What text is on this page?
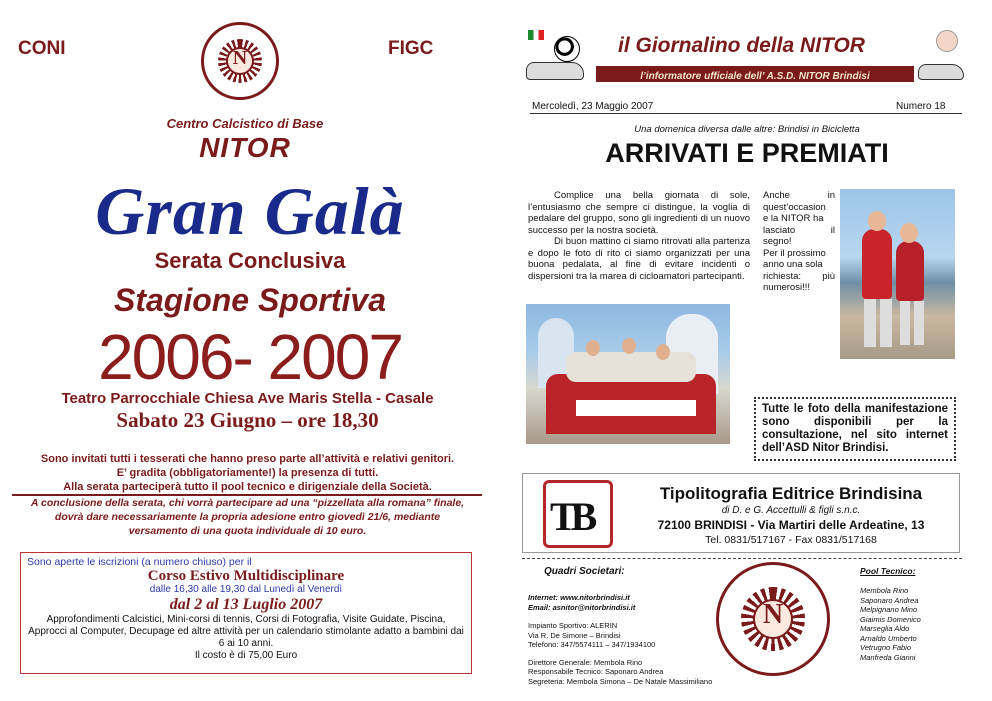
CONI	FIGC
N
Centro Calcistico di Base
NITOR
Gran Galà
Serata Conclusiva
Stagione Sportiva
2006- 2007
Teatro Parrocchiale Chiesa Ave Maris Stella - Casale
Sabato 23 Giugno – ore 18,30
Sono invitati tutti i tesserati che hanno preso parte all’attività e relativi genitori.
E’ gradita (obbligatoriamente!) la presenza di tutti.
Alla serata parteciperà tutto il pool tecnico e dirigenziale della Società.
A conclusione della serata, chi vorrà partecipare ad una “pizzellata alla romana” finale,
dovrà dare necessariamente la propria adesione entro giovedì 21/6, mediante
versamento di una quota individuale di 10 euro.
Sono aperte le iscrizioni (a numero chiuso) per il
Corso Estivo Multidisciplinare
dalle 16,30 alle 19,30 dal Lunedì al Venerdì
dal 2 al 13 Luglio 2007
Approfondimenti Calcistici, Mini-corsi di tennis, Corsi di Fotografia, Visite Guidate, Piscina, Approcci al Computer, Decupage ed altre attività per un calendario stimolante adatto a bambini dai 6 ai 10 anni.
Il costo è di 75,00 Euro
il Giornalino della NITOR
l’informatore ufficiale dell’ A.S.D. NITOR Brindisi
Mercoledì, 23 Maggio 2007	Numero 18
Una domenica diversa dalle altre: Brindisi in Bicicletta
ARRIVATI E PREMIATI

Complice una bella giornata di sole, l’entusiasmo che sempre ci distingue, la voglia di pedalare del gruppo, sono gli ingredienti di un nuovo successo per la nostra società.

Di buon mattino ci siamo ritrovati alla partenza e dopo le foto di rito ci siamo organizzati per una buona pedalata, al fine di evitare incidenti o dispersioni tra la marea di cicloamatori partecipanti.

Anche in
quest’occasion
e la NITOR ha
lasciato il
segno!
Per il prossimo
anno una sola
richiesta: più
numerosi!!!
Tutte le foto della manifestazione sono disponibili per la consultazione, nel sito internet dell’ASD Nitor Brindisi.
TB
Tipolitografia Editrice Brindisina
di D. e G. Accettulli & figli s.n.c.
72100 BRINDISI - Via Martiri delle Ardeatine, 13
Tel. 0831/517167 - Fax 0831/517168
Quadri Societari:
Internet: www.nitorbrindisi.it
Email: asnitor@nitorbrindisi.it
Impianto Sportivo: ALERIN
Via R. De Simone – Brindisi
Telefono: 347/5574111 – 347/1934100
Direttore Generale: Membola Rino
Responsabile Tecnico: Saponaro Andrea
Segreteria: Membola Simona – De Natale Massimiliano
N
Pool Tecnico:
Membola Rino
Saponaro Andrea
Melpignano Mino
Giaimis Domenico
Marseglia Aldo
Arnaldo Umberto
Vetrugno Fabio
Manfreda Gianni
